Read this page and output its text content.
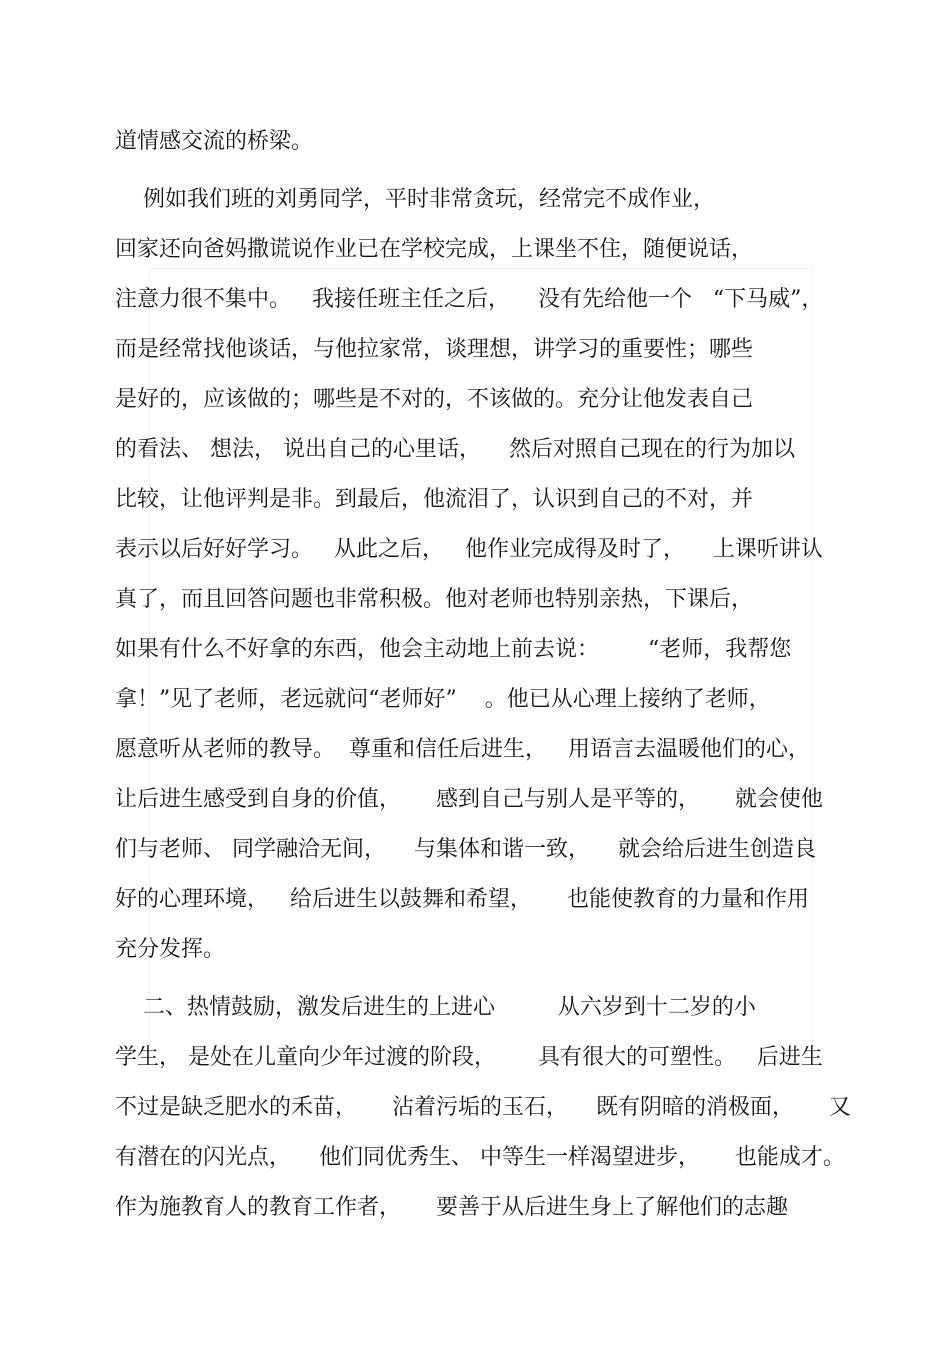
道情感交流的桥梁。

例如我们班的刘勇同学，平时非常贪玩，经常完不成作业，

回家还向爸妈撒谎说作业已在学校完成，上课坐不住，随便说话，

注意力很不集中。   我接任班主任之后，    没有先给他一个   “下马威”，

而是经常找他谈话，与他拉家常，谈理想，讲学习的重要性；哪些

是好的，应该做的；哪些是不对的，不该做的。充分让他发表自己

的看法、 想法， 说出自己的心里话，    然后对照自己现在的行为加以

比较，让他评判是非。到最后，他流泪了，认识到自己的不对，并

表示以后好好学习。   从此之后，   他作业完成得及时了，    上课听讲认

真了，而且回答问题也非常积极。他对老师也特别亲热，下课后，

如果有什么不好拿的东西，他会主动地上前去说：       “老师，我帮您

拿！”见了老师，老远就问“老师好”    。他已从心理上接纳了老师，

愿意听从老师的教导。  尊重和信任后进生，   用语言去温暖他们的心，

让后进生感受到自身的价值，     感到自己与别人是平等的，     就会使他

们与老师、 同学融洽无间，    与集体和谐一致，    就会给后进生创造良

好的心理环境，   给后进生以鼓舞和希望，     也能使教育的力量和作用

充分发挥。

二、热情鼓励，激发后进生的上进心         从六岁到十二岁的小

学生， 是处在儿童向少年过渡的阶段，      具有很大的可塑性。   后进生

不过是缺乏肥水的禾苗，     沾着污垢的玉石，    既有阴暗的消极面，     又

有潜在的闪光点，    他们同优秀生、 中等生一样渴望进步，     也能成才。

作为施教育人的教育工作者，     要善于从后进生身上了解他们的志趣
